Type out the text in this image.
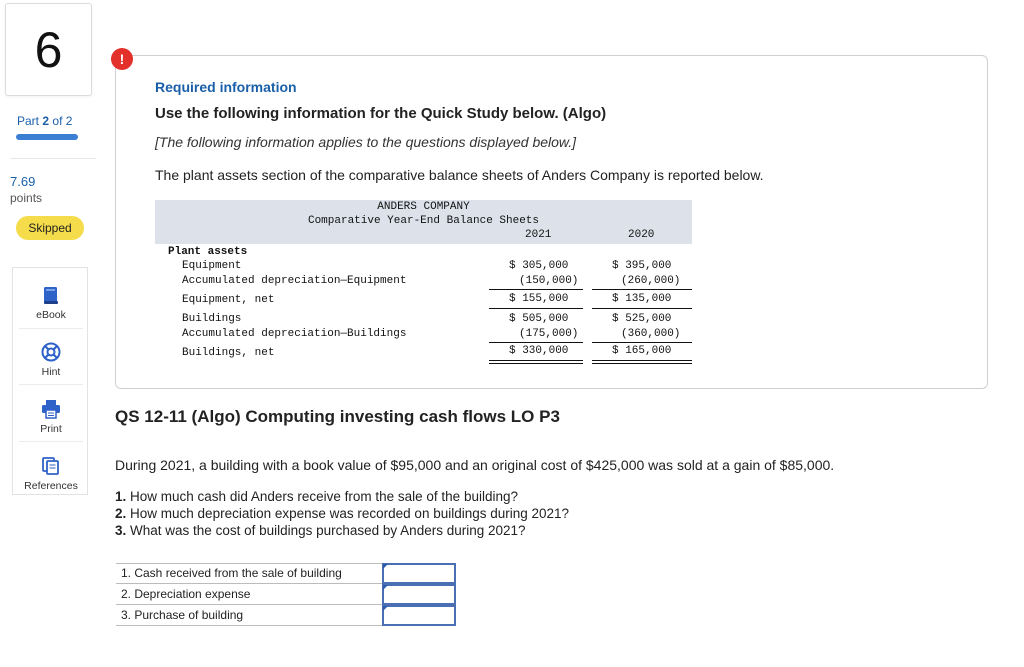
6
Part 2 of 2
7.69
points
Skipped
eBook
Hint
Print
References
!
Required information
Use the following information for the Quick Study below. (Algo)
[The following information applies to the questions displayed below.]
The plant assets section of the comparative balance sheets of Anders Company is reported below.
ANDERS COMPANY
Comparative Year-End Balance Sheets
2021	2020
Plant assets
Equipment	$ 305,000	$ 395,000
Accumulated depreciation—Equipment	(150,000)	(260,000)
Equipment, net	$ 155,000	$ 135,000
Buildings	$ 505,000	$ 525,000
Accumulated depreciation—Buildings	(175,000)	(360,000)
Buildings, net	$ 330,000	$ 165,000
QS 12-11 (Algo) Computing investing cash flows LO P3
During 2021, a building with a book value of $95,000 and an original cost of $425,000 was sold at a gain of $85,000.
1. How much cash did Anders receive from the sale of the building?
2. How much depreciation expense was recorded on buildings during 2021?
3. What was the cost of buildings purchased by Anders during 2021?
1. Cash received from the sale of building
2. Depreciation expense
3. Purchase of building
